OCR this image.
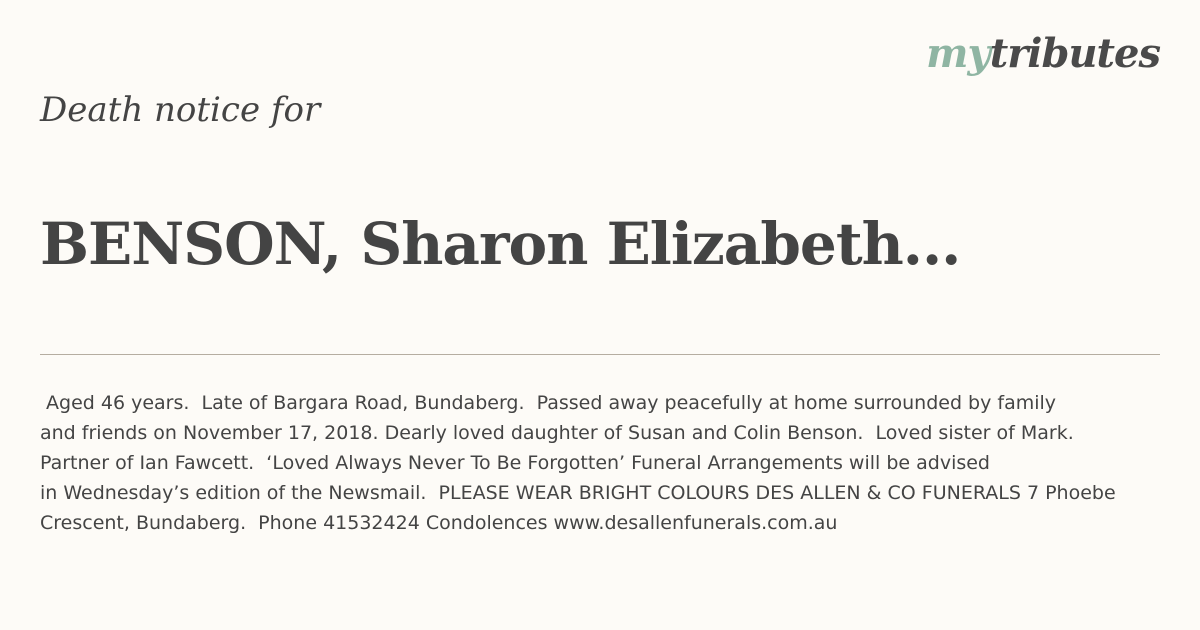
mytributes
Death notice for
BENSON, Sharon Elizabeth...
Aged 46 years.  Late of Bargara Road, Bundaberg.  Passed away peacefully at home surrounded by family
and friends on November 17, 2018. Dearly loved daughter of Susan and Colin Benson.  Loved sister of Mark.
Partner of Ian Fawcett.  ‘Loved Always Never To Be Forgotten’ Funeral Arrangements will be advised
in Wednesday’s edition of the Newsmail.  PLEASE WEAR BRIGHT COLOURS DES ALLEN & CO FUNERALS 7 Phoebe
Crescent, Bundaberg.  Phone 41532424 Condolences www.desallenfunerals.com.au
